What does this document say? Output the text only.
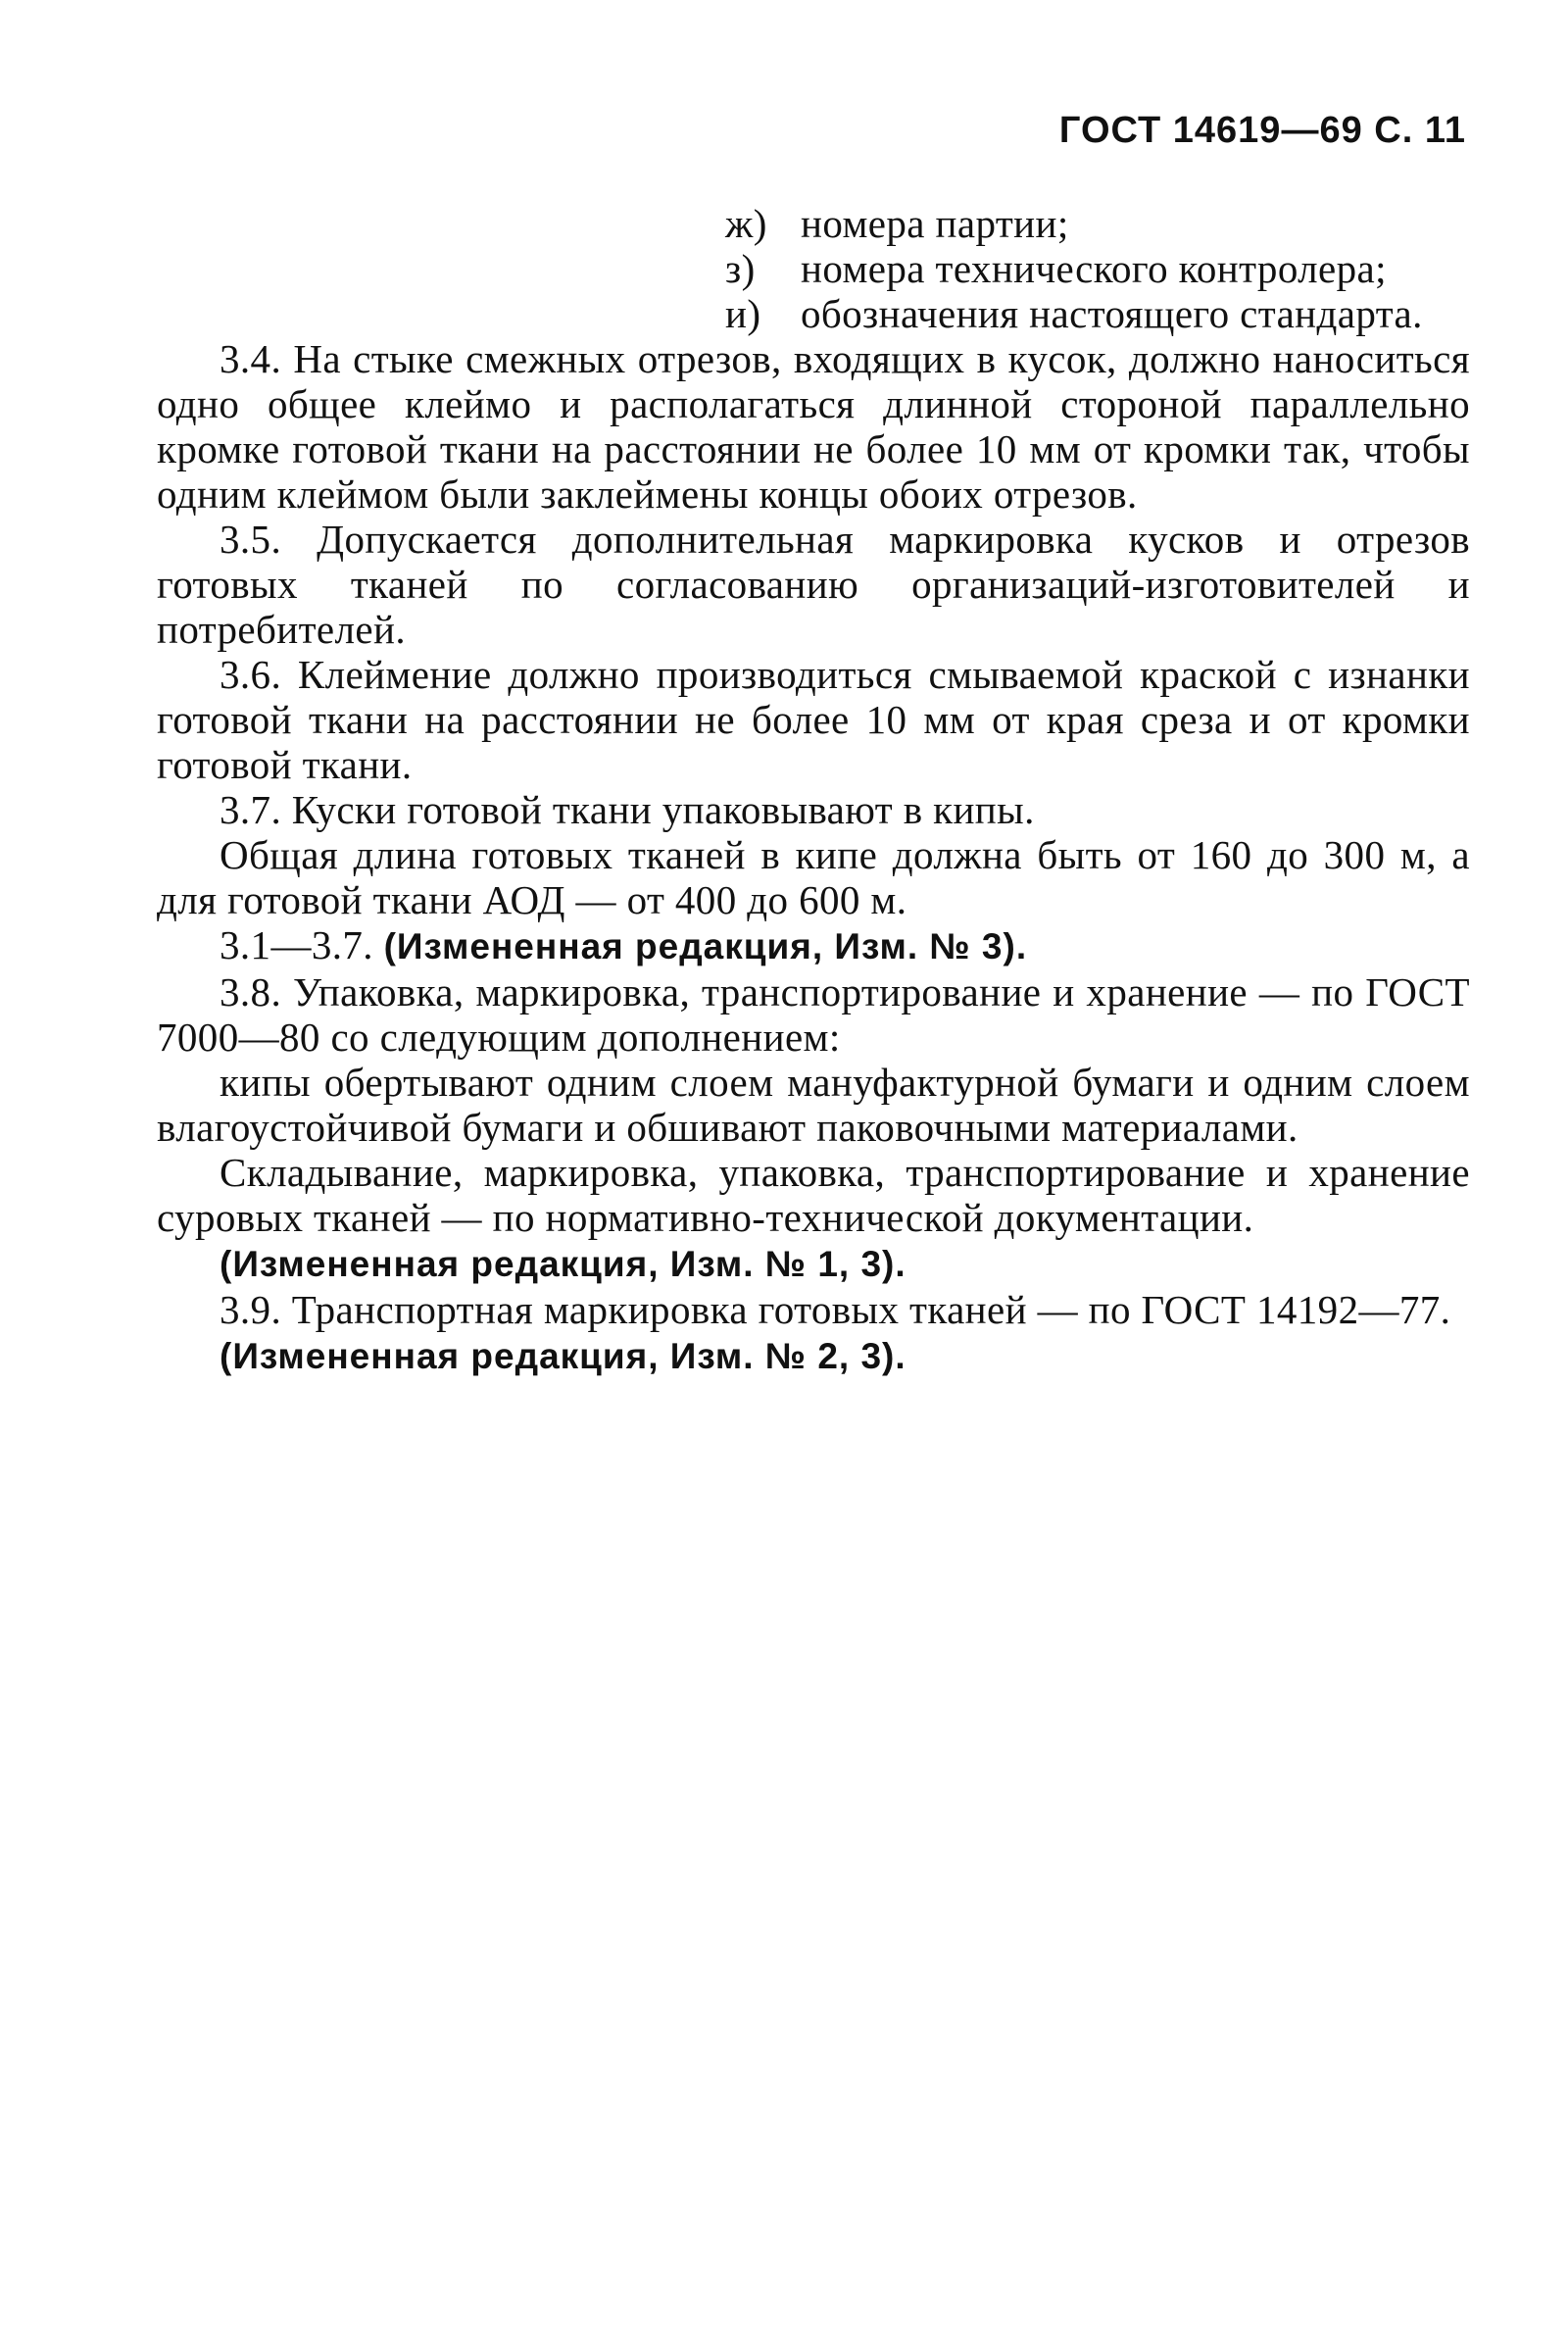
ГОСТ 14619—69 С. 11
ж) номера партии;
з) номера технического контролера;
и) обозначения настоящего стандарта.

3.4. На стыке смежных отрезов, входящих в кусок, должно наноситься одно общее клеймо и располагаться длинной стороной параллельно кромке готовой ткани на расстоянии не более 10 мм от кромки так, чтобы одним клеймом были заклеймены концы обоих отрезов.

3.5. Допускается дополнительная маркировка кусков и отрезов готовых тканей по согласованию организаций-изготовителей и потребителей.

3.6. Клеймение должно производиться смываемой краской с изнанки готовой ткани на расстоянии не более 10 мм от края среза и от кромки готовой ткани.

3.7. Куски готовой ткани упаковывают в кипы.

Общая длина готовых тканей в кипе должна быть от 160 до 300 м, а для готовой ткани АОД — от 400 до 600 м.

3.1—3.7. (Измененная редакция, Изм. № 3).

3.8. Упаковка, маркировка, транспортирование и хранение — по ГОСТ 7000—80 со следующим дополнением:

кипы обертывают одним слоем мануфактурной бумаги и одним слоем влагоустойчивой бумаги и обшивают паковочными материалами.

Складывание, маркировка, упаковка, транспортирование и хранение суровых тканей — по нормативно-технической документации.

(Измененная редакция, Изм. № 1, 3).

3.9. Транспортная маркировка готовых тканей — по ГОСТ 14192—77.

(Измененная редакция, Изм. № 2, 3).
